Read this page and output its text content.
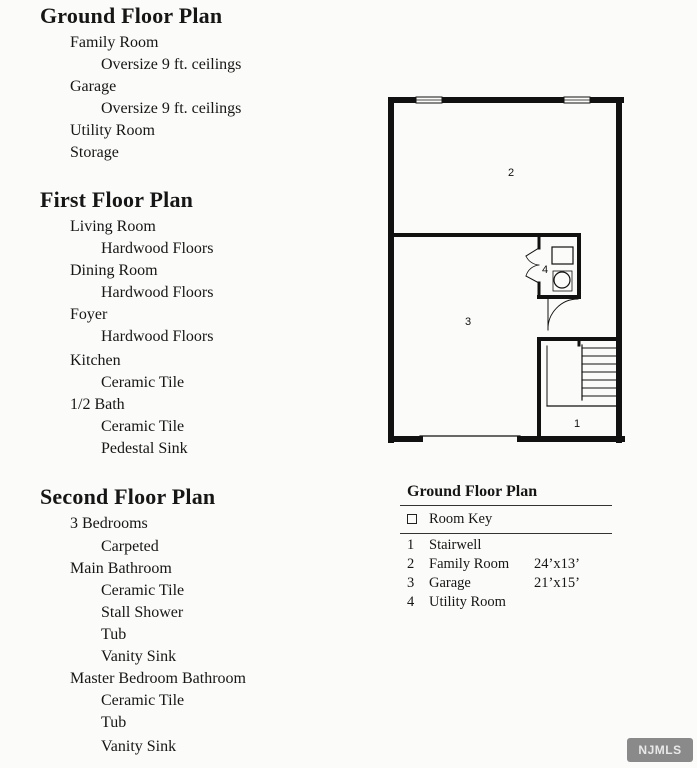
Ground Floor Plan
Family Room
Oversize 9 ft. ceilings
Garage
Oversize 9 ft. ceilings
Utility Room
Storage
First Floor Plan
Living Room
Hardwood Floors
Dining Room
Hardwood Floors
Foyer
Hardwood Floors
Kitchen
Ceramic Tile
1/2 Bath
Ceramic Tile
Pedestal Sink
Second Floor Plan
3 Bedrooms
Carpeted
Main Bathroom
Ceramic Tile
Stall Shower
Tub
Vanity Sink
Master Bedroom Bathroom
Ceramic Tile
Tub
Vanity Sink
2
3
4
1
Ground Floor Plan
Room Key
1 Stairwell
2 Family Room 24’x13’
3 Garage	21’x15’
4 Utility Room
NJMLS
